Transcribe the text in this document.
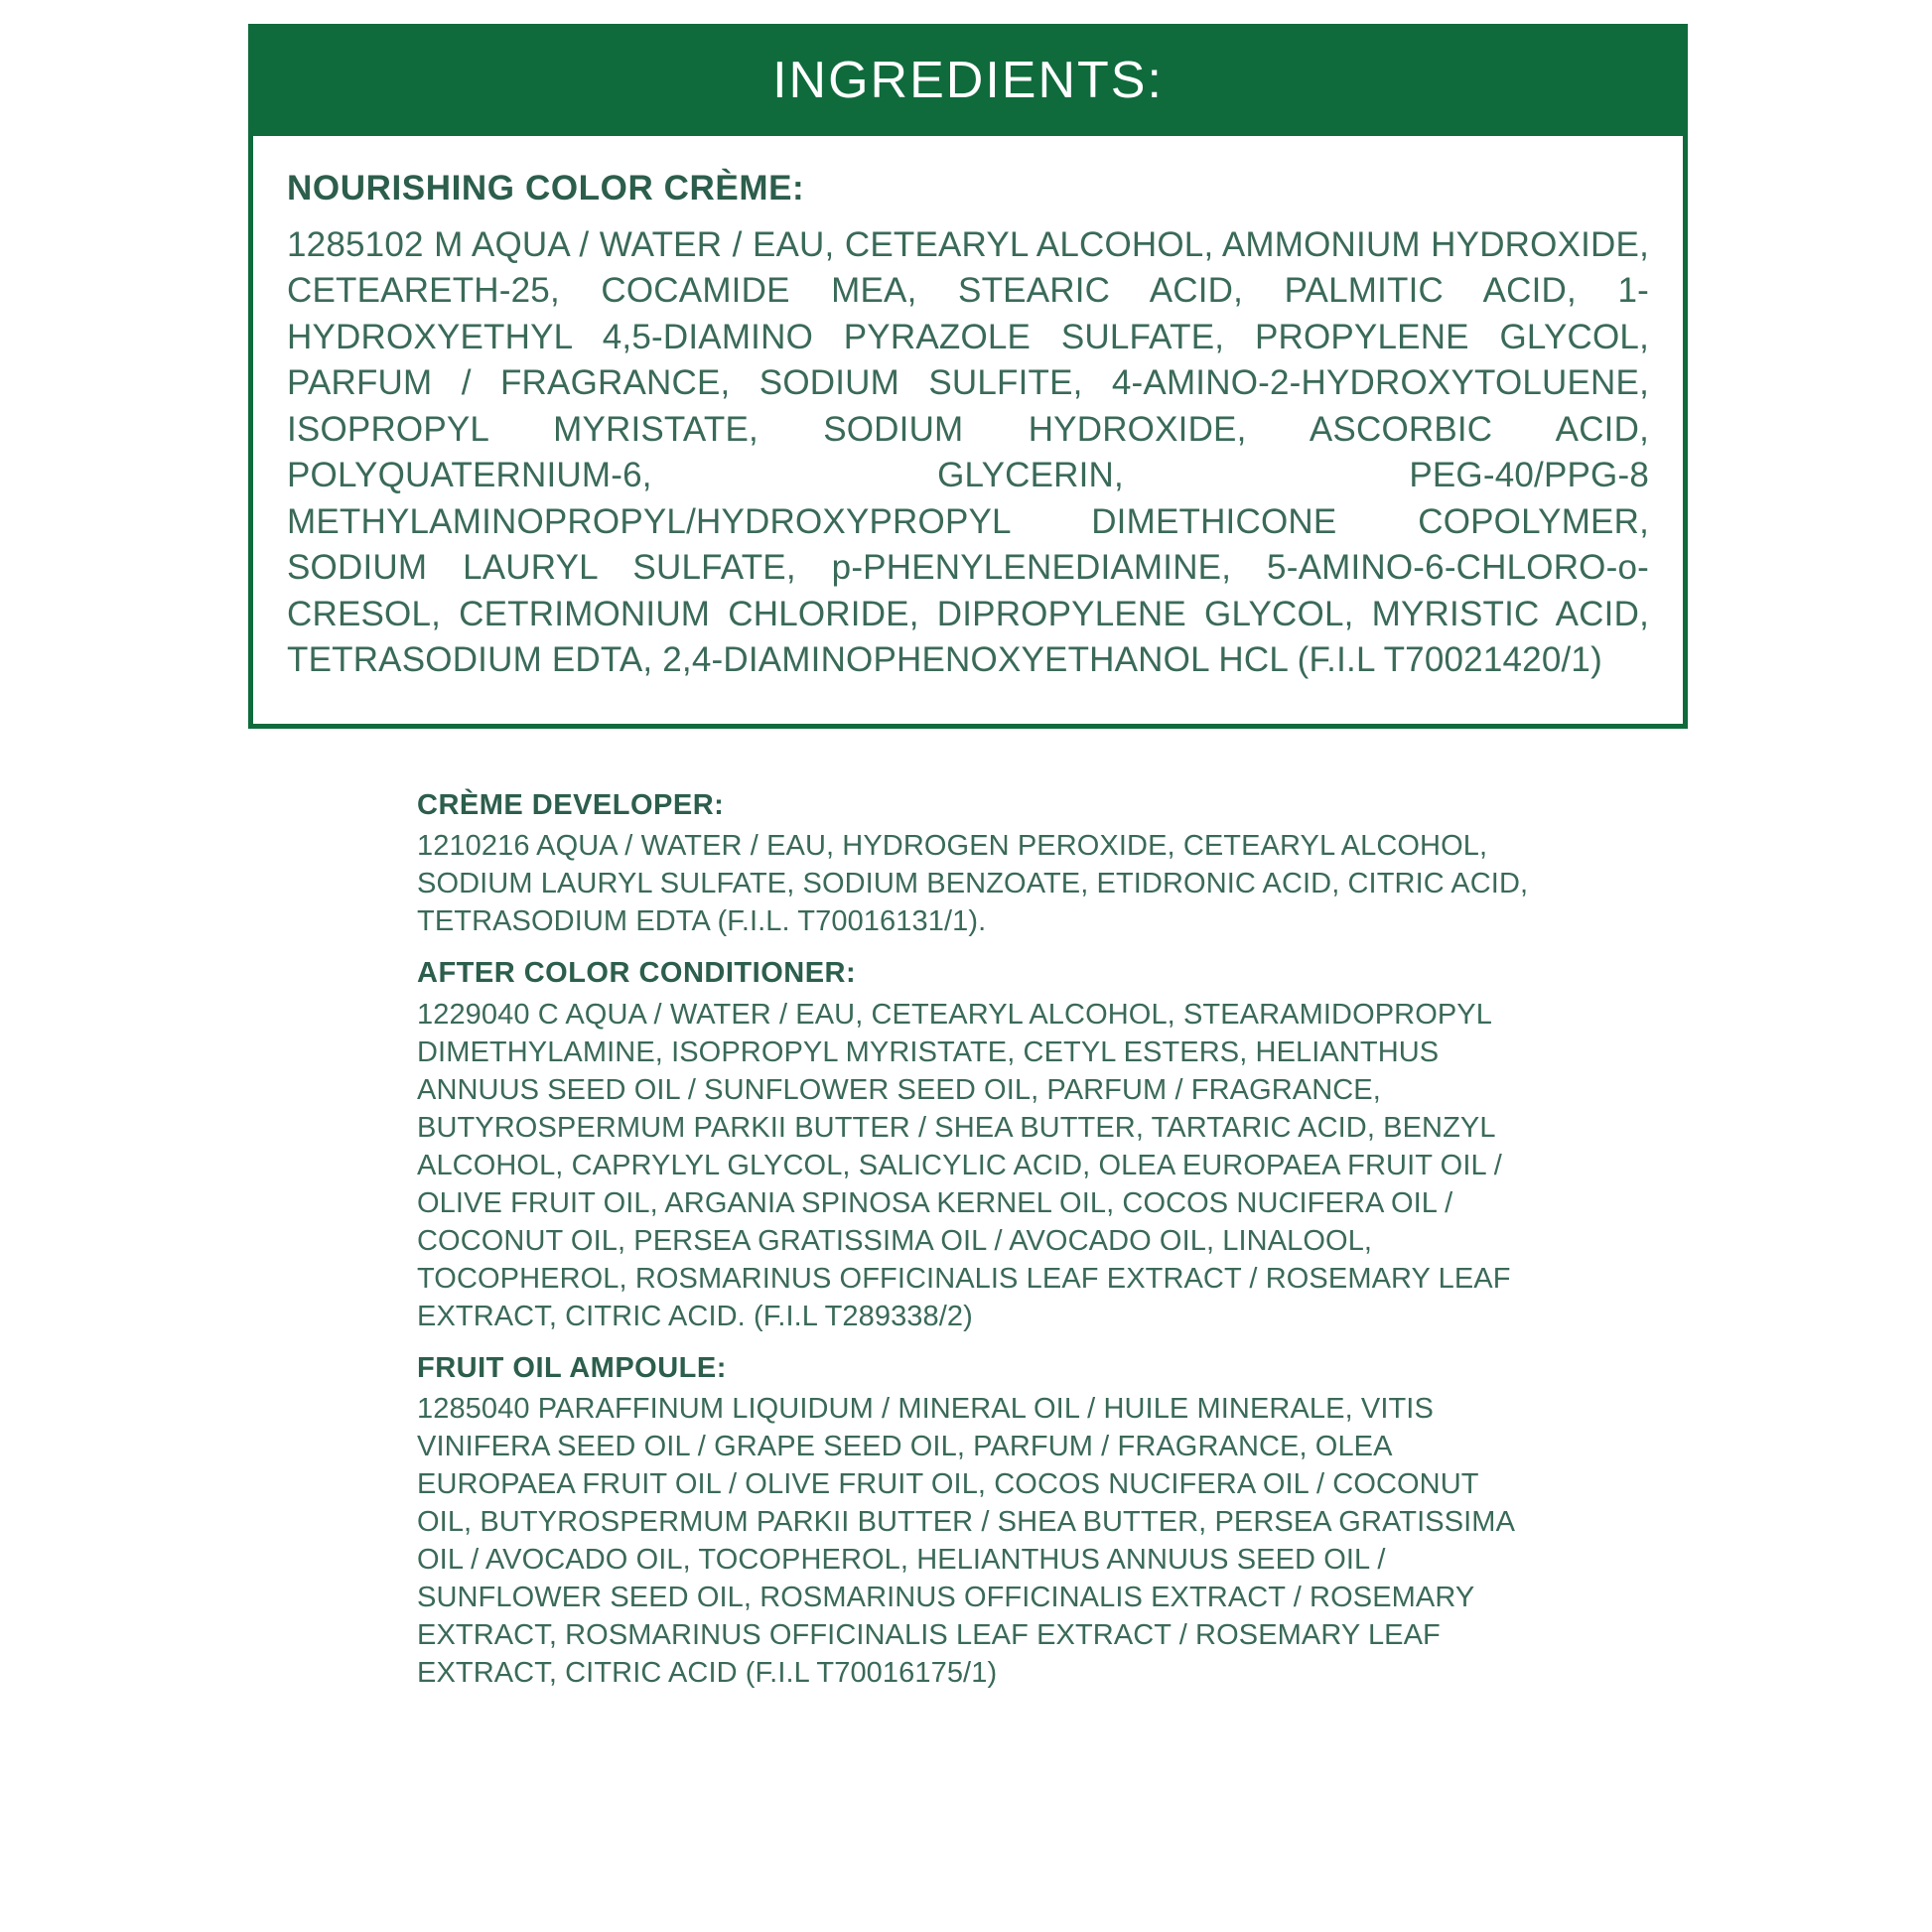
INGREDIENTS:
NOURISHING COLOR CRÈME:
1285102 M AQUA / WATER / EAU, CETEARYL ALCOHOL, AMMONIUM HYDROXIDE, CETEARETH-25, COCAMIDE MEA, STEARIC ACID, PALMITIC ACID, 1-HYDROXYETHYL 4,5-DIAMINO PYRAZOLE SULFATE, PROPYLENE GLYCOL, PARFUM / FRAGRANCE, SODIUM SULFITE, 4-AMINO-2-HYDROXYTOLUENE, ISOPROPYL MYRISTATE, SODIUM HYDROXIDE, ASCORBIC ACID, POLYQUATERNIUM-6, GLYCERIN, PEG-40/PPG-8 METHYLAMINOPROPYL/HYDROXYPROPYL DIMETHICONE COPOLYMER, SODIUM LAURYL SULFATE, p-PHENYLENEDIAMINE, 5-AMINO-6-CHLORO-o-CRESOL, CETRIMONIUM CHLORIDE, DIPROPYLENE GLYCOL, MYRISTIC ACID, TETRASODIUM EDTA, 2,4-DIAMINOPHENOXYETHANOL HCL (F.I.L T70021420/1)
CRÈME DEVELOPER:
1210216 AQUA / WATER / EAU, HYDROGEN PEROXIDE, CETEARYL ALCOHOL, SODIUM LAURYL SULFATE, SODIUM BENZOATE, ETIDRONIC ACID, CITRIC ACID, TETRASODIUM EDTA (F.I.L. T70016131/1).
AFTER COLOR CONDITIONER:
1229040 C AQUA / WATER / EAU, CETEARYL ALCOHOL, STEARAMIDOPROPYL DIMETHYLAMINE, ISOPROPYL MYRISTATE, CETYL ESTERS, HELIANTHUS ANNUUS SEED OIL / SUNFLOWER SEED OIL, PARFUM / FRAGRANCE, BUTYROSPERMUM PARKII BUTTER / SHEA BUTTER, TARTARIC ACID, BENZYL ALCOHOL, CAPRYLYL GLYCOL, SALICYLIC ACID, OLEA EUROPAEA FRUIT OIL / OLIVE FRUIT OIL, ARGANIA SPINOSA KERNEL OIL, COCOS NUCIFERA OIL / COCONUT OIL, PERSEA GRATISSIMA OIL / AVOCADO OIL, LINALOOL, TOCOPHEROL, ROSMARINUS OFFICINALIS LEAF EXTRACT / ROSEMARY LEAF EXTRACT, CITRIC ACID. (F.I.L T289338/2)
FRUIT OIL AMPOULE:
1285040 PARAFFINUM LIQUIDUM / MINERAL OIL / HUILE MINERALE, VITIS VINIFERA SEED OIL / GRAPE SEED OIL, PARFUM / FRAGRANCE, OLEA EUROPAEA FRUIT OIL / OLIVE FRUIT OIL, COCOS NUCIFERA OIL / COCONUT OIL, BUTYROSPERMUM PARKII BUTTER / SHEA BUTTER, PERSEA GRATISSIMA OIL / AVOCADO OIL, TOCOPHEROL, HELIANTHUS ANNUUS SEED OIL / SUNFLOWER SEED OIL, ROSMARINUS OFFICINALIS EXTRACT / ROSEMARY EXTRACT, ROSMARINUS OFFICINALIS LEAF EXTRACT / ROSEMARY LEAF EXTRACT, CITRIC ACID (F.I.L T70016175/1)
